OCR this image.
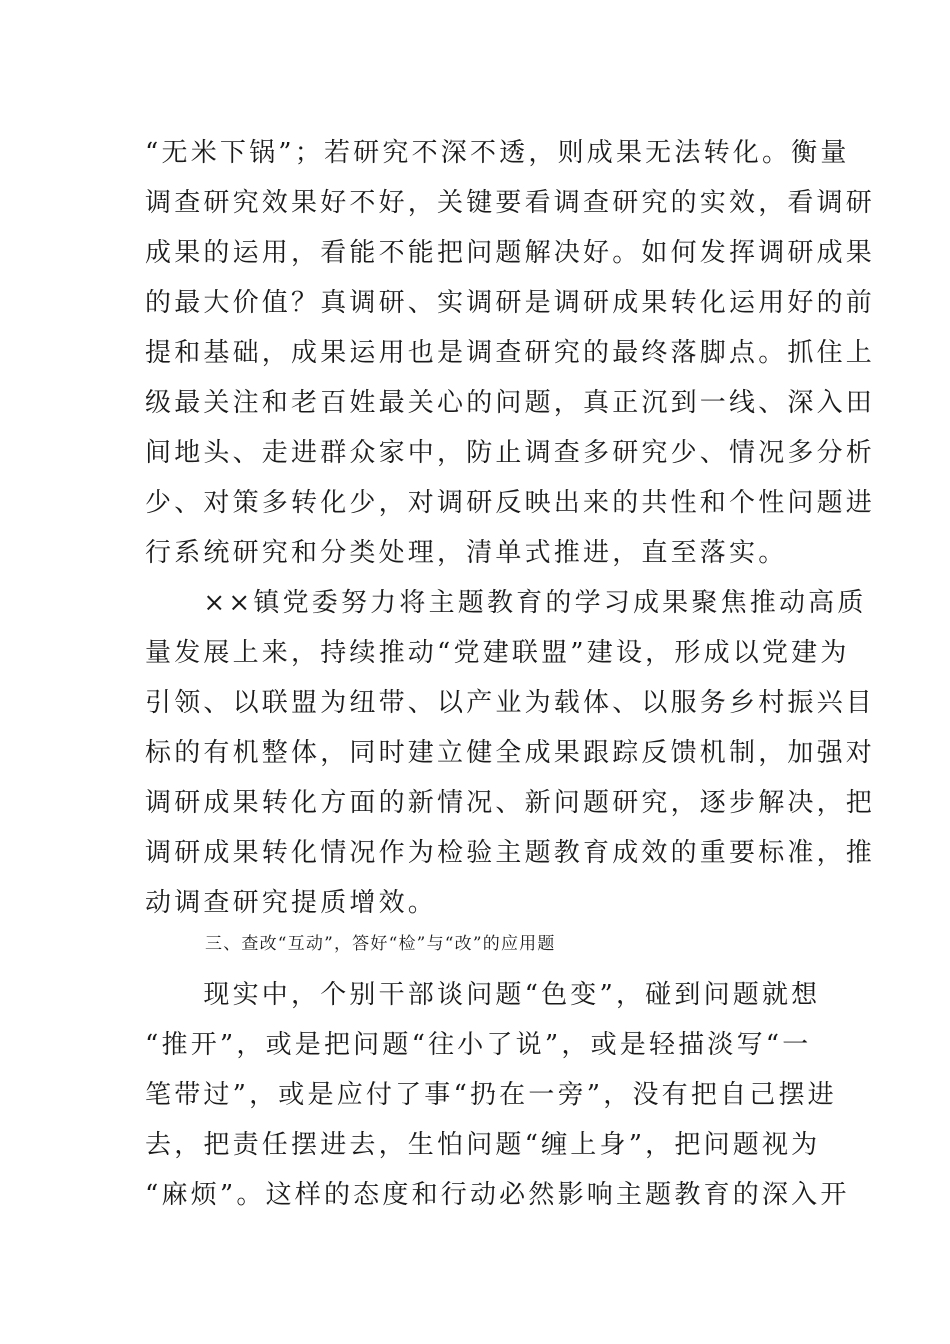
“无米下锅”；若研究不深不透，则成果无法转化。衡量
调查研究效果好不好，关键要看调查研究的实效，看调研
成果的运用，看能不能把问题解决好。如何发挥调研成果
的最大价值？真调研、实调研是调研成果转化运用好的前
提和基础，成果运用也是调查研究的最终落脚点。抓住上
级最关注和老百姓最关心的问题，真正沉到一线、深入田
间地头、走进群众家中，防止调查多研究少、情况多分析
少、对策多转化少，对调研反映出来的共性和个性问题进
行系统研究和分类处理，清单式推进，直至落实。
　　××镇党委努力将主题教育的学习成果聚焦推动高质
量发展上来，持续推动“党建联盟”建设，形成以党建为
引领、以联盟为纽带、以产业为载体、以服务乡村振兴目
标的有机整体，同时建立健全成果跟踪反馈机制，加强对
调研成果转化方面的新情况、新问题研究，逐步解决，把
调研成果转化情况作为检验主题教育成效的重要标准，推
动调查研究提质增效。
三、查改“互动”，答好“检”与“改”的应用题
　　现实中，个别干部谈问题“色变”，碰到问题就想
“推开”，或是把问题“往小了说”，或是轻描淡写“一
笔带过”，或是应付了事“扔在一旁”，没有把自己摆进
去，把责任摆进去，生怕问题“缠上身”，把问题视为
“麻烦”。这样的态度和行动必然影响主题教育的深入开
